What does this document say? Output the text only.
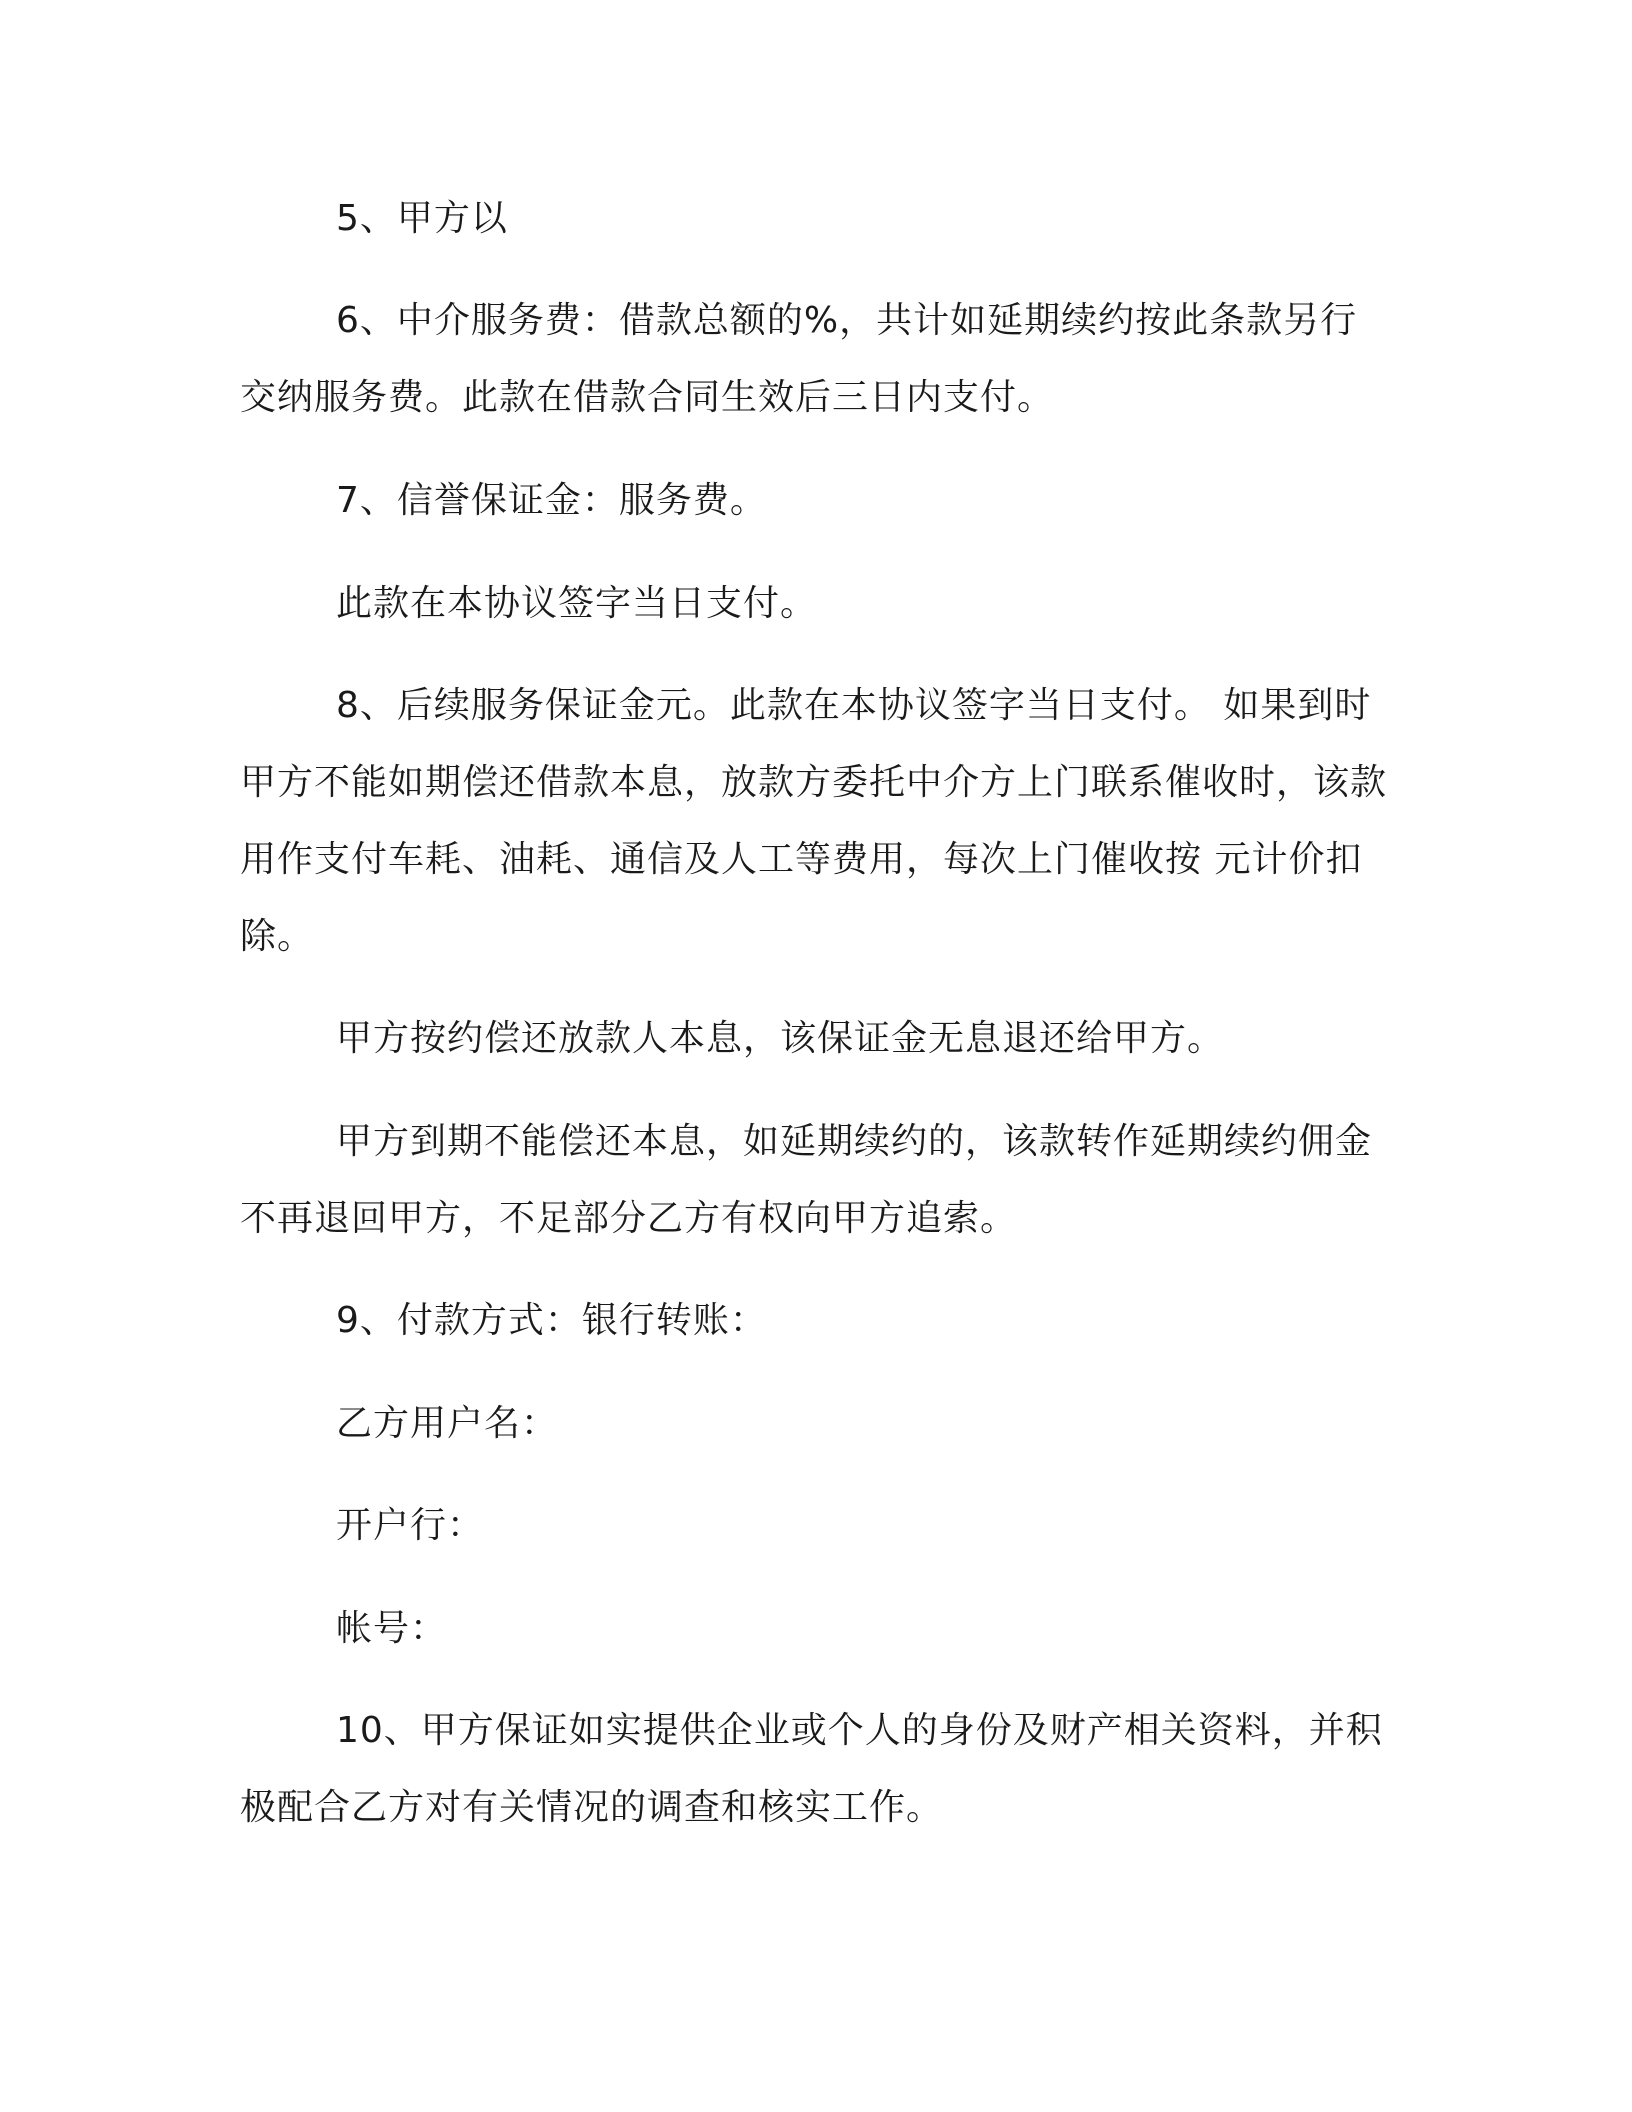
5、甲方以

6、中介服务费：借款总额的%，共计如延期续约按此条款另行交纳服务费。此款在借款合同生效后三日内支付。

7、信誉保证金：服务费。

此款在本协议签字当日支付。

8、后续服务保证金元。此款在本协议签字当日支付。 如果到时甲方不能如期偿还借款本息，放款方委托中介方上门联系催收时，该款用作支付车耗、油耗、通信及人工等费用，每次上门催收按 元计价扣除。

甲方按约偿还放款人本息，该保证金无息退还给甲方。

甲方到期不能偿还本息，如延期续约的，该款转作延期续约佣金不再退回甲方，不足部分乙方有权向甲方追索。

9、付款方式：银行转账：

乙方用户名：

开户行：

帐号：

10、甲方保证如实提供企业或个人的身份及财产相关资料，并积极配合乙方对有关情况的调查和核实工作。
